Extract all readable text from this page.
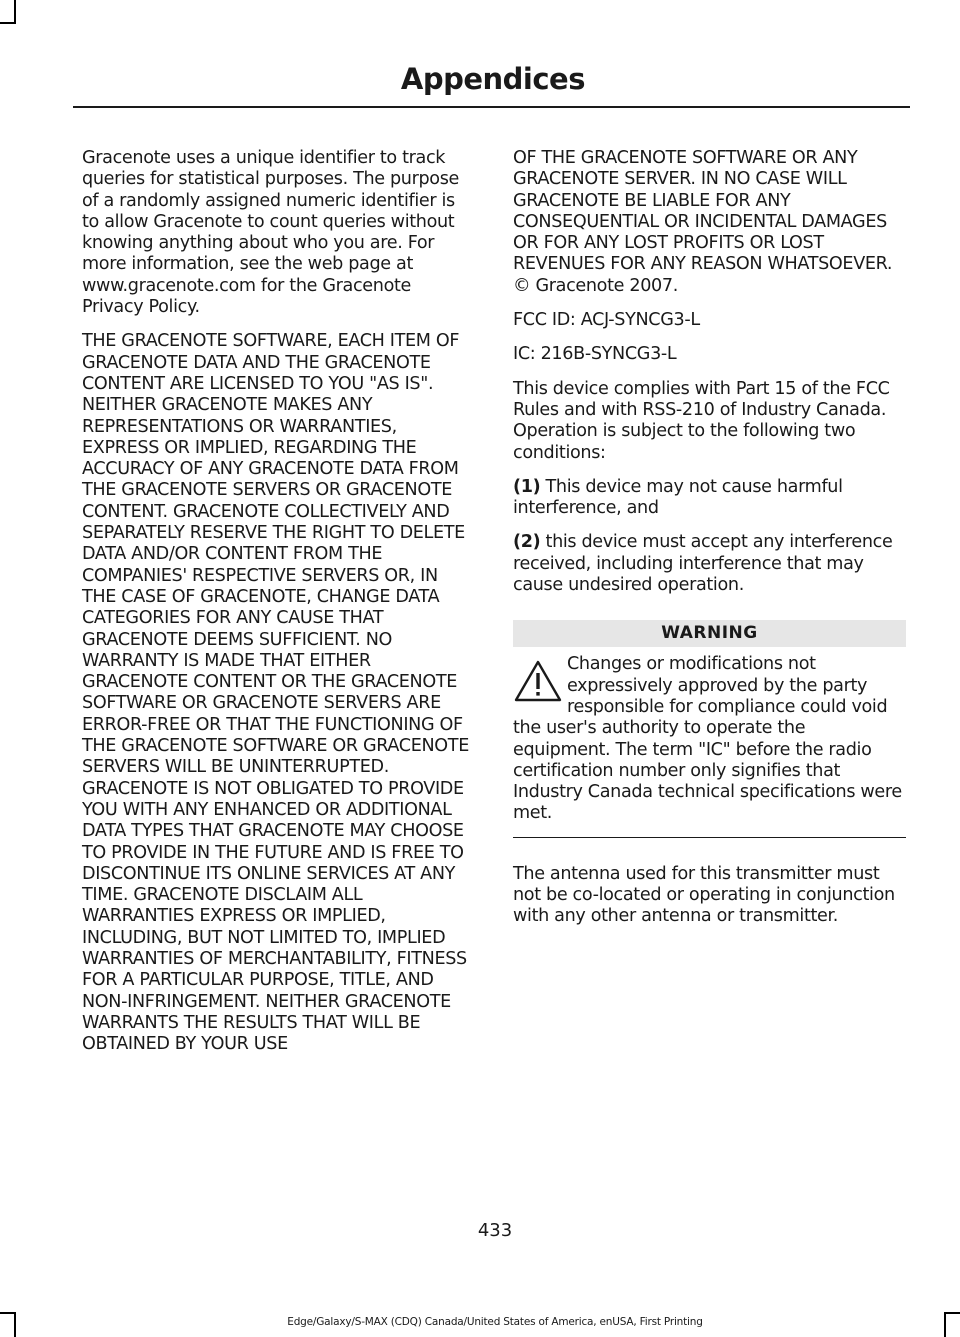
Appendices

Gracenote uses a unique identifier to track queries for statistical purposes. The purpose of a randomly assigned numeric identifier is to allow Gracenote to count queries without knowing anything about who you are. For more information, see the web page at www.gracenote.com for the Gracenote Privacy Policy.

THE GRACENOTE SOFTWARE, EACH ITEM OF GRACENOTE DATA AND THE GRACENOTE CONTENT ARE LICENSED TO YOU "AS IS". NEITHER GRACENOTE MAKES ANY REPRESENTATIONS OR WARRANTIES, EXPRESS OR IMPLIED, REGARDING THE ACCURACY OF ANY GRACENOTE DATA FROM THE GRACENOTE SERVERS OR GRACENOTE CONTENT. GRACENOTE COLLECTIVELY AND SEPARATELY RESERVE THE RIGHT TO DELETE DATA AND/OR CONTENT FROM THE COMPANIES' RESPECTIVE SERVERS OR, IN THE CASE OF GRACENOTE, CHANGE DATA CATEGORIES FOR ANY CAUSE THAT GRACENOTE DEEMS SUFFICIENT. NO WARRANTY IS MADE THAT EITHER GRACENOTE CONTENT OR THE GRACENOTE SOFTWARE OR GRACENOTE SERVERS ARE ERROR-FREE OR THAT THE FUNCTIONING OF THE GRACENOTE SOFTWARE OR GRACENOTE SERVERS WILL BE UNINTERRUPTED. GRACENOTE IS NOT OBLIGATED TO PROVIDE YOU WITH ANY ENHANCED OR ADDITIONAL DATA TYPES THAT GRACENOTE MAY CHOOSE TO PROVIDE IN THE FUTURE AND IS FREE TO DISCONTINUE ITS ONLINE SERVICES AT ANY TIME. GRACENOTE DISCLAIM ALL WARRANTIES EXPRESS OR IMPLIED, INCLUDING, BUT NOT LIMITED TO, IMPLIED WARRANTIES OF MERCHANTABILITY, FITNESS FOR A PARTICULAR PURPOSE, TITLE, AND NON-INFRINGEMENT. NEITHER GRACENOTE WARRANTS THE RESULTS THAT WILL BE OBTAINED BY YOUR USE

OF THE GRACENOTE SOFTWARE OR ANY GRACENOTE SERVER. IN NO CASE WILL GRACENOTE BE LIABLE FOR ANY CONSEQUENTIAL OR INCIDENTAL DAMAGES OR FOR ANY LOST PROFITS OR LOST REVENUES FOR ANY REASON WHATSOEVER. © Gracenote 2007.

FCC ID: ACJ-SYNCG3-L

IC: 216B-SYNCG3-L

This device complies with Part 15 of the FCC Rules and with RSS-210 of Industry Canada. Operation is subject to the following two conditions:

(1) This device may not cause harmful interference, and

(2) this device must accept any interference received, including interference that may cause undesired operation.

WARNING

Changes or modifications not expressively approved by the party responsible for compliance could void the user's authority to operate the equipment. The term "IC" before the radio certification number only signifies that Industry Canada technical specifications were met.

The antenna used for this transmitter must not be co-located or operating in conjunction with any other antenna or transmitter.

433
Edge/Galaxy/S-MAX (CDQ) Canada/United States of America, enUSA, First Printing
